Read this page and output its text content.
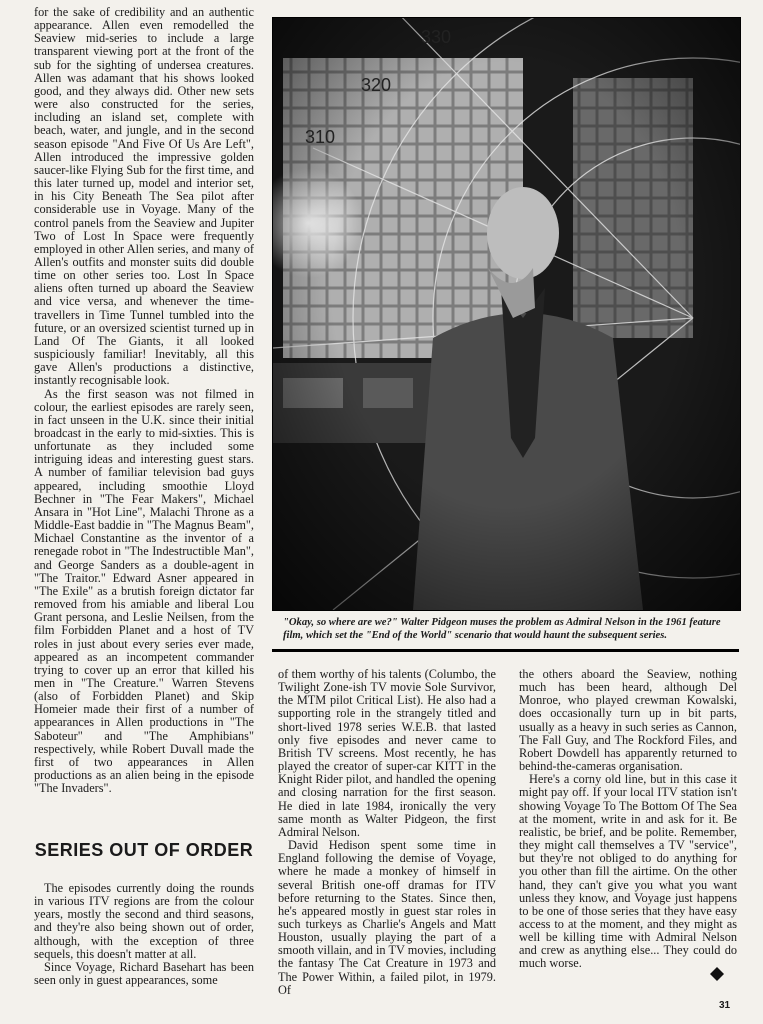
for the sake of credibility and an authentic appearance. Allen even remodelled the Seaview mid-series to include a large transparent viewing port at the front of the sub for the sighting of undersea creatures. Allen was adamant that his shows looked good, and they always did. Other new sets were also constructed for the series, including an island set, complete with beach, water, and jungle, and in the second season episode "And Five Of Us Are Left", Allen introduced the impressive golden saucer-like Flying Sub for the first time, and this later turned up, model and interior set, in his City Beneath The Sea pilot after considerable use in Voyage. Many of the control panels from the Seaview and Jupiter Two of Lost In Space were frequently employed in other Allen series, and many of Allen's outfits and monster suits did double time on other series too. Lost In Space aliens often turned up aboard the Seaview and vice versa, and whenever the time-travellers in Time Tunnel tumbled into the future, or an oversized scientist turned up in Land Of The Giants, it all looked suspiciously familiar! Inevitably, all this gave Allen's productions a distinctive, instantly recognisable look.

As the first season was not filmed in colour, the earliest episodes are rarely seen, in fact unseen in the U.K. since their initial broadcast in the early to mid-sixties. This is unfortunate as they included some intriguing ideas and interesting guest stars. A number of familiar television bad guys appeared, including smoothie Lloyd Bechner in "The Fear Makers", Michael Ansara in "Hot Line", Malachi Throne as a Middle-East baddie in "The Magnus Beam", Michael Constantine as the inventor of a renegade robot in "The Indestructible Man", and George Sanders as a double-agent in "The Traitor." Edward Asner appeared in "The Exile" as a brutish foreign dictator far removed from his amiable and liberal Lou Grant persona, and Leslie Neilsen, from the film Forbidden Planet and a host of TV roles in just about every series ever made, appeared as an incompetent commander trying to cover up an error that killed his men in "The Creature." Warren Stevens (also of Forbidden Planet) and Skip Homeier made their first of a number of appearances in Allen productions in "The Saboteur" and "The Amphibians" respectively, while Robert Duvall made the first of two appearances in Allen productions as an alien being in the episode "The Invaders".

SERIES OUT OF ORDER

The episodes currently doing the rounds in various ITV regions are from the colour years, mostly the second and third seasons, and they're also being shown out of order, although, with the exception of three sequels, this doesn't matter at all.

Since Voyage, Richard Basehart has been seen only in guest appearances, some

330
320
310
"Okay, so where are we?" Walter Pidgeon muses the problem as Admiral Nelson in the 1961 feature film, which set the "End of the World" scenario that would haunt the subsequent series.

of them worthy of his talents (Columbo, the Twilight Zone-ish TV movie Sole Survivor, the MTM pilot Critical List). He also had a supporting role in the strangely titled and short-lived 1978 series W.E.B. that lasted only five episodes and never came to British TV screens. Most recently, he has played the creator of super-car KITT in the Knight Rider pilot, and handled the opening and closing narration for the first season. He died in late 1984, ironically the very same month as Walter Pidgeon, the first Admiral Nelson.

David Hedison spent some time in England following the demise of Voyage, where he made a monkey of himself in several British one-off dramas for ITV before returning to the States. Since then, he's appeared mostly in guest star roles in such turkeys as Charlie's Angels and Matt Houston, usually playing the part of a smooth villain, and in TV movies, including the fantasy The Cat Creature in 1973 and The Power Within, a failed pilot, in 1979. Of

the others aboard the Seaview, nothing much has been heard, although Del Monroe, who played crewman Kowalski, does occasionally turn up in bit parts, usually as a heavy in such series as Cannon, The Fall Guy, and The Rockford Files, and Robert Dowdell has apparently returned to behind-the-cameras organisation.

Here's a corny old line, but in this case it might pay off. If your local ITV station isn't showing Voyage To The Bottom Of The Sea at the moment, write in and ask for it. Be realistic, be brief, and be polite. Remember, they might call themselves a TV "service", but they're not obliged to do anything for you other than fill the airtime. On the other hand, they can't give you what you want unless they know, and Voyage just happens to be one of those series that they have easy access to at the moment, and they might as well be killing time with Admiral Nelson and crew as anything else... They could do much worse.

31
